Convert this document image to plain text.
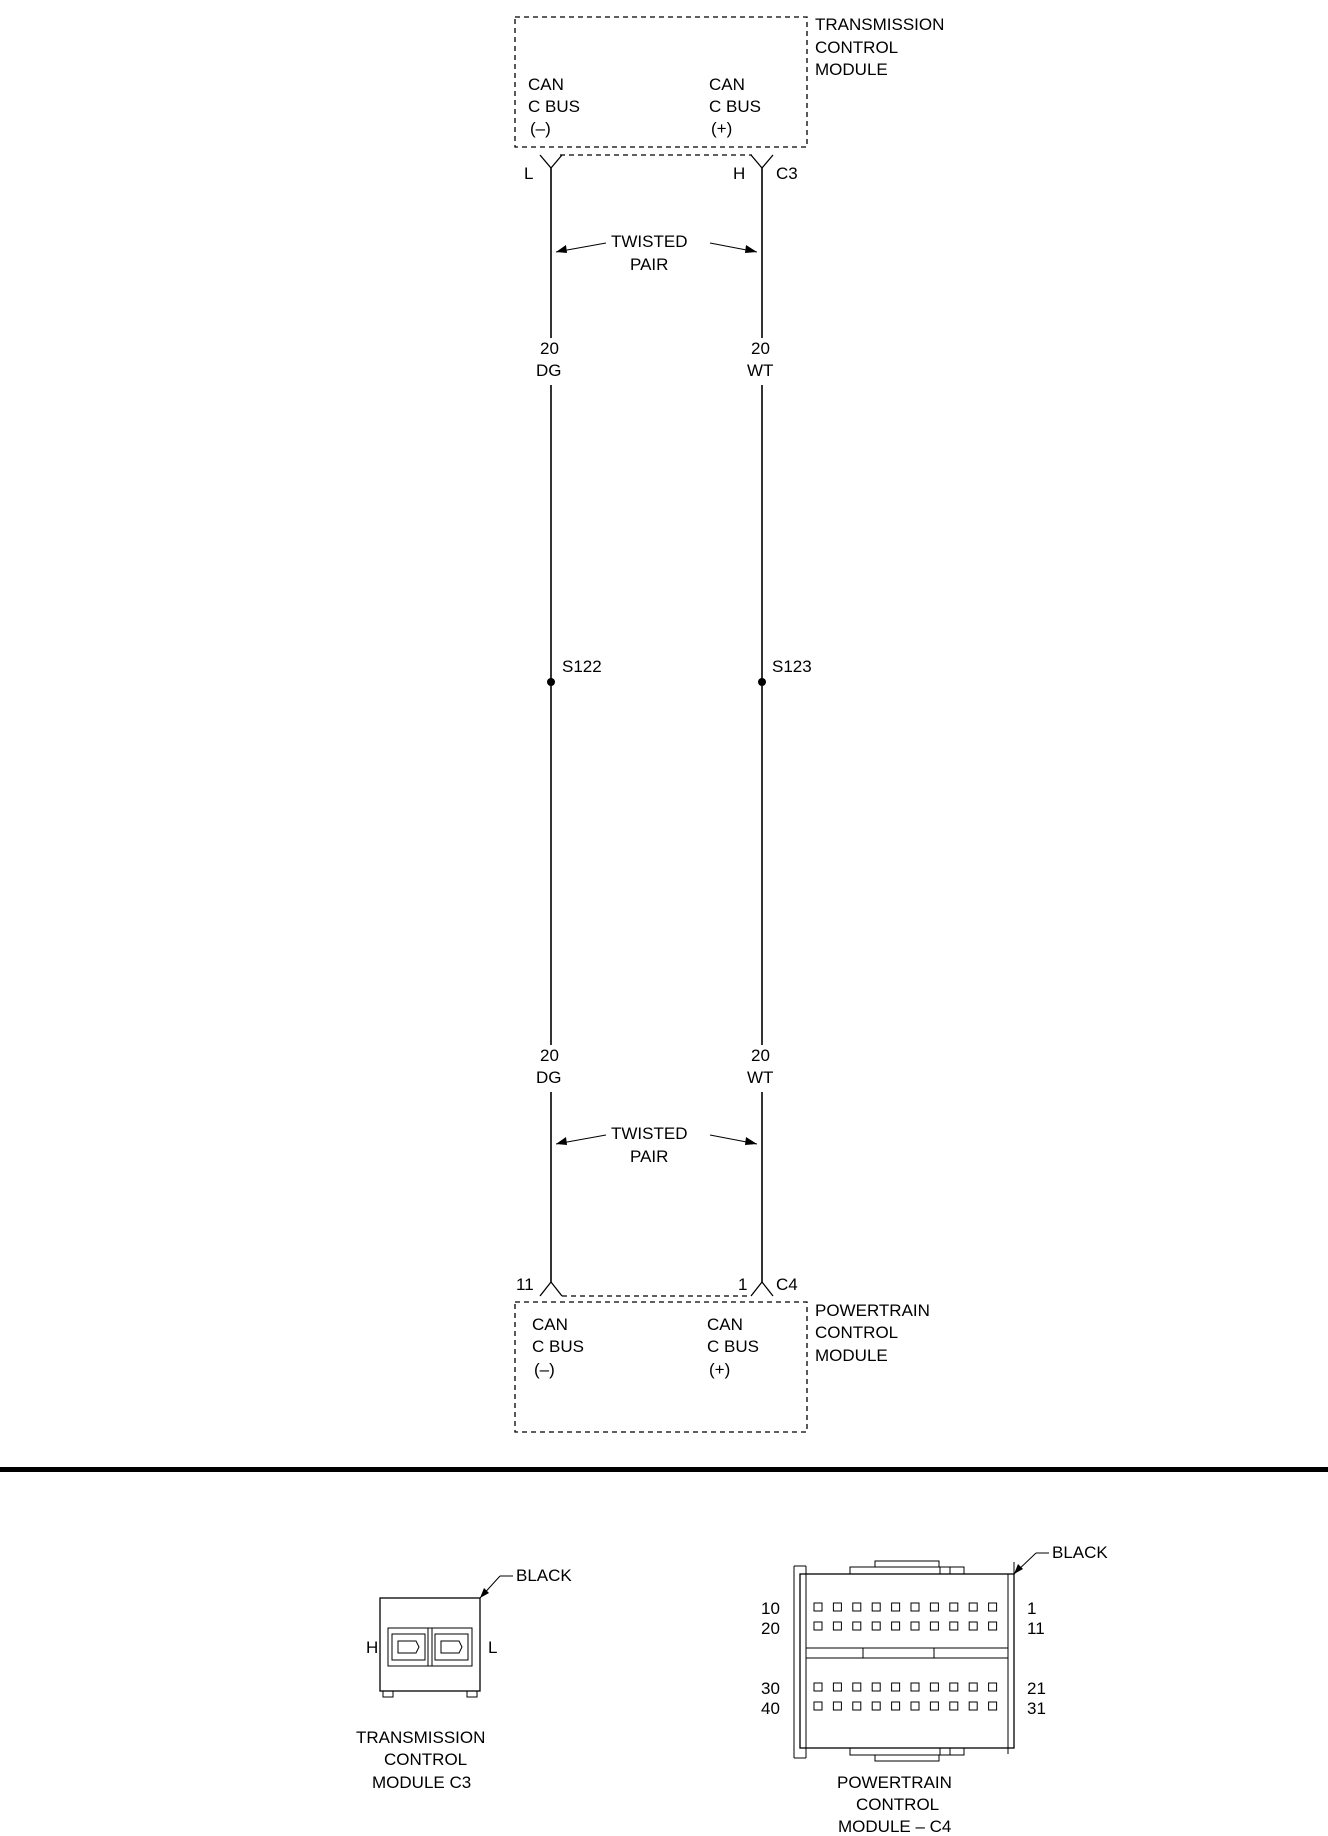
TRANSMISSION
CONTROL
MODULE
CAN
C BUS
(–)
CAN
C BUS
(+)
L	H C3
TWISTED
PAIR
20
DG
20
WT
S122	S123
20
DG
20
WT
TWISTED
PAIR
11	1 C4
POWERTRAIN
CONTROL
MODULE
CAN
C BUS
(–)
CAN
C BUS
(+)
H	L
BLACK
TRANSMISSION
CONTROL
MODULE C3
10
20
30
40
1
11
21
31
BLACK
POWERTRAIN
CONTROL
MODULE – C4
